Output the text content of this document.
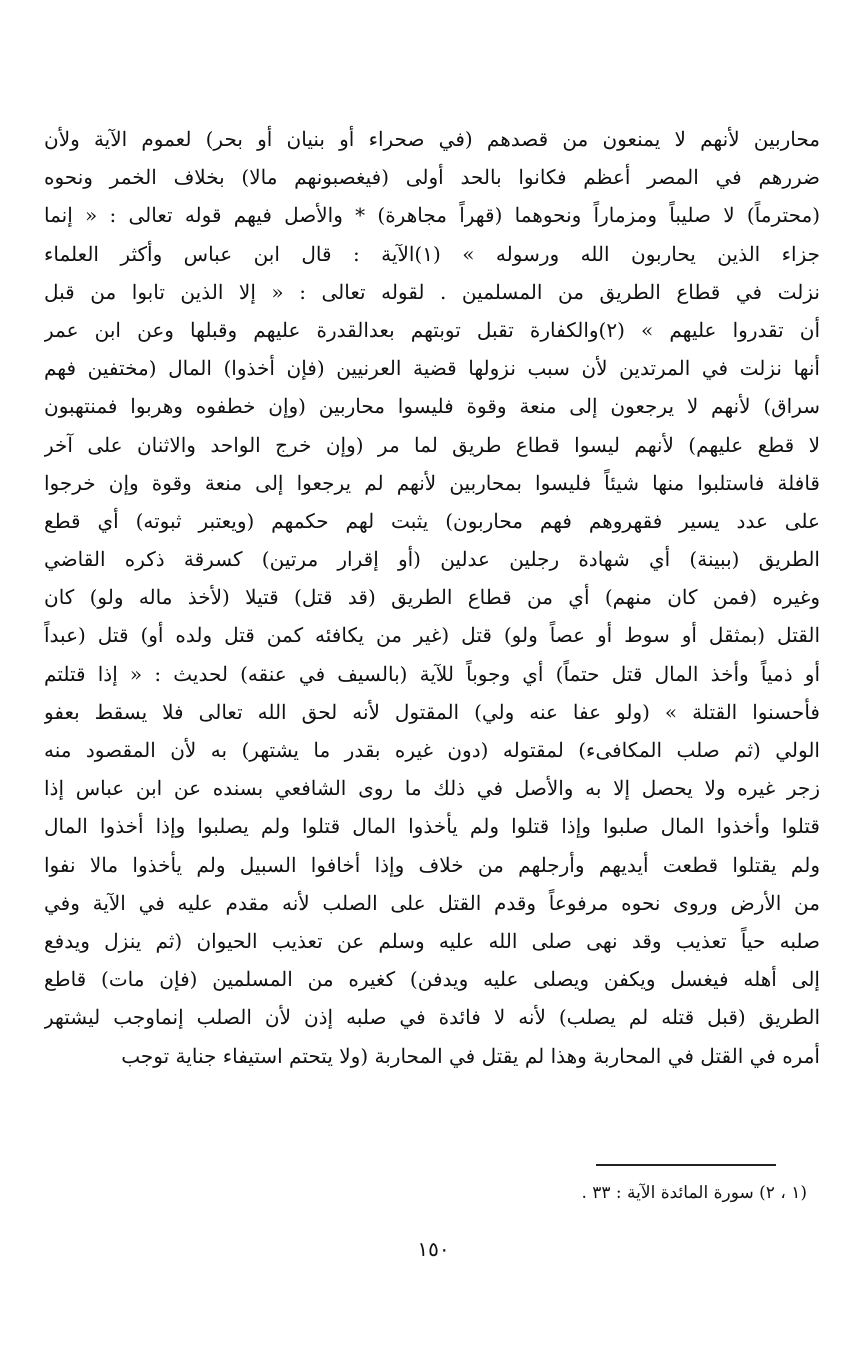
محاربين لأنهم لا يمنعون من قصدهم (في صحراء أو بنيان أو بحر) لعموم الآية ولأن
ضررهم في المصر أعظم فكانوا بالحد أولى (فيغصبونهم مالا) بخلاف الخمر ونحوه
(محترماً) لا صليباً ومزماراً ونحوهما (قهراً مجاهرة) * والأصل فيهم قوله تعالى : « إنما
جزاء الذين يحاربون الله ورسوله » (١)الآية : قال ابن عباس وأكثر العلماء
نزلت في قطاع الطريق من المسلمين . لقوله تعالى : « إلا الذين تابوا من قبل
أن تقدروا عليهم » (٢)والكفارة تقبل توبتهم بعدالقدرة عليهم وقبلها وعن ابن عمر
أنها نزلت في المرتدين لأن سبب نزولها قضية العرنيين (فإن أخذوا) المال (مختفين فهم
سراق) لأنهم لا يرجعون إلى منعة وقوة فليسوا محاربين (وإن خطفوه وهربوا فمنتهبون
لا قطع عليهم) لأنهم ليسوا قطاع طريق لما مر (وإن خرج الواحد والاثنان على آخر
قافلة فاستلبوا منها شيئاً فليسوا بمحاربين لأنهم لم يرجعوا إلى منعة وقوة وإن خرجوا
على عدد يسير فقهروهم فهم محاربون) يثبت لهم حكمهم (ويعتبر ثبوته) أي قطع
الطريق (ببينة) أي شهادة رجلين عدلين (أو إقرار مرتين) كسرقة ذكره القاضي
وغيره (فمن كان منهم) أي من قطاع الطريق (قد قتل) قتيلا (لأخذ ماله ولو) كان
القتل (بمثقل أو سوط أو عصاً ولو) قتل (غير من يكافئه كمن قتل ولده أو) قتل (عبداً
أو ذمياً وأخذ المال قتل حتماً) أي وجوباً للآية (بالسيف في عنقه) لحديث : « إذا قتلتم
فأحسنوا القتلة » (ولو عفا عنه ولي) المقتول لأنه لحق الله تعالى فلا يسقط بعفو
الولي (ثم صلب المكافىء) لمقتوله (دون غيره بقدر ما يشتهر) به لأن المقصود منه
زجر غيره ولا يحصل إلا به والأصل في ذلك ما روى الشافعي بسنده عن ابن عباس إذا
قتلوا وأخذوا المال صلبوا وإذا قتلوا ولم يأخذوا المال قتلوا ولم يصلبوا وإذا أخذوا المال
ولم يقتلوا قطعت أيديهم وأرجلهم من خلاف وإذا أخافوا السبيل ولم يأخذوا مالا نفوا
من الأرض وروى نحوه مرفوعاً وقدم القتل على الصلب لأنه مقدم عليه في الآية وفي
صلبه حياً تعذيب وقد نهى صلى الله عليه وسلم عن تعذيب الحيوان (ثم ينزل ويدفع
إلى أهله فيغسل ويكفن ويصلى عليه ويدفن) كغيره من المسلمين (فإن مات) قاطع
الطريق (قبل قتله لم يصلب) لأنه لا فائدة في صلبه إذن لأن الصلب إنماوجب ليشتهر
أمره في القتل في المحاربة وهذا لم يقتل في المحاربة (ولا يتحتم استيفاء جناية توجب
(١ ، ٢) سورة المائدة الآية : ٣٣ .
١٥٠
